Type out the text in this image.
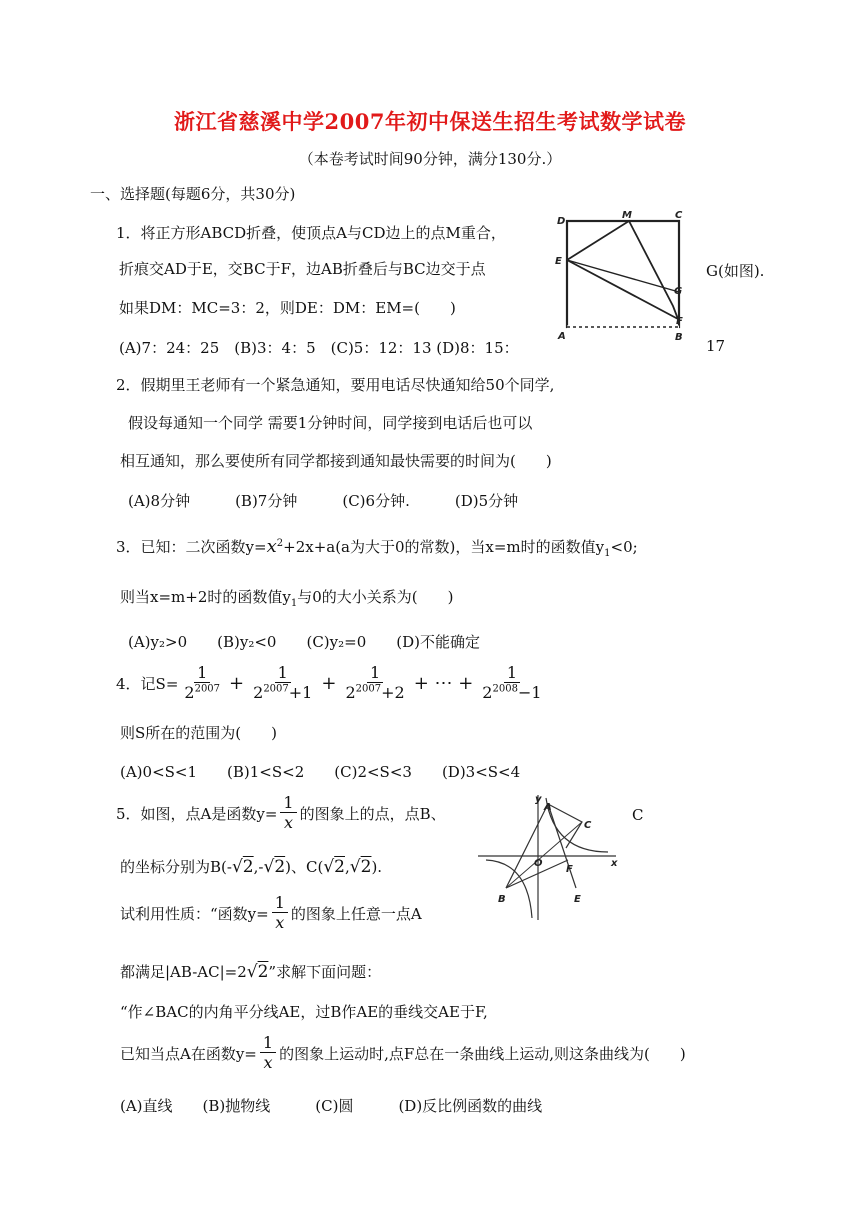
浙江省慈溪中学2007年初中保送生招生考试数学试卷
（本卷考试时间90分钟，满分130分.）
一、选择题(每题6分，共30分)
1．将正方形ABCD折叠，使顶点A与CD边上的点M重合，
折痕交AD于E，交BC于F，边AB折叠后与BC边交于点	G(如图).
如果DM：MC=3：2，则DE：DM：EM=(　　)
(A)7：24：25　(B)3：4：5　(C)5：12：13 (D)8：15：	17
D
M	C
E
G
F
A	B
2．假期里王老师有一个紧急通知，要用电话尽快通知给50个同学,
假设每通知一个同学 需要1分钟时间，同学接到电话后也可以
相互通知，那么要使所有同学都接到通知最快需要的时间为(　　)
(A)8分钟　　　(B)7分钟　　　(C)6分钟.　　　(D)5分钟
3．已知：二次函数$y=x^2+2x+a(a$为大于0的常数)，当x=m时的函数值$y_1<0$;
则当x=m+2时的函数值$y_1$与0的大小关系为(　　)
(A)y₂>0　　(B)y₂<0　　(C)y₂=0　　(D)不能确定
4．记$S= \frac{1}{2^{2007}} + \frac{1}{2^{2007}+1} + \frac{1}{2^{2007}+2}$ + ⋯ + $\frac{1}{2^{2008}-1}$
则S所在的范围为(　　)
(A)0<S<1　　(B)1<S<2　　(C)2<S<3　　(D)3<S<4
5．如图，点A是函数$y= \frac{1}{x}$ 的图象上的点，点B、	C
的坐标分别为B(-√2,-√2)、C(√2,√2).
试利用性质：“函数$y= \frac{1}{x}$ 的图象上任意一点A
都满足|AB-AC|=2√2”求解下面问题：
“作∠BAC的内角平分线AE，过B作AE的垂线交AE于F,
已知当点A在函数$y= \frac{1}{x}$ 的图象上运动时,点F总在一条曲线上运动,则这条曲线为(　　)
(A)直线　　(B)抛物线　　　(C)圆　　　(D)反比例函数的曲线
y
A
C
O	x
F
B	E
